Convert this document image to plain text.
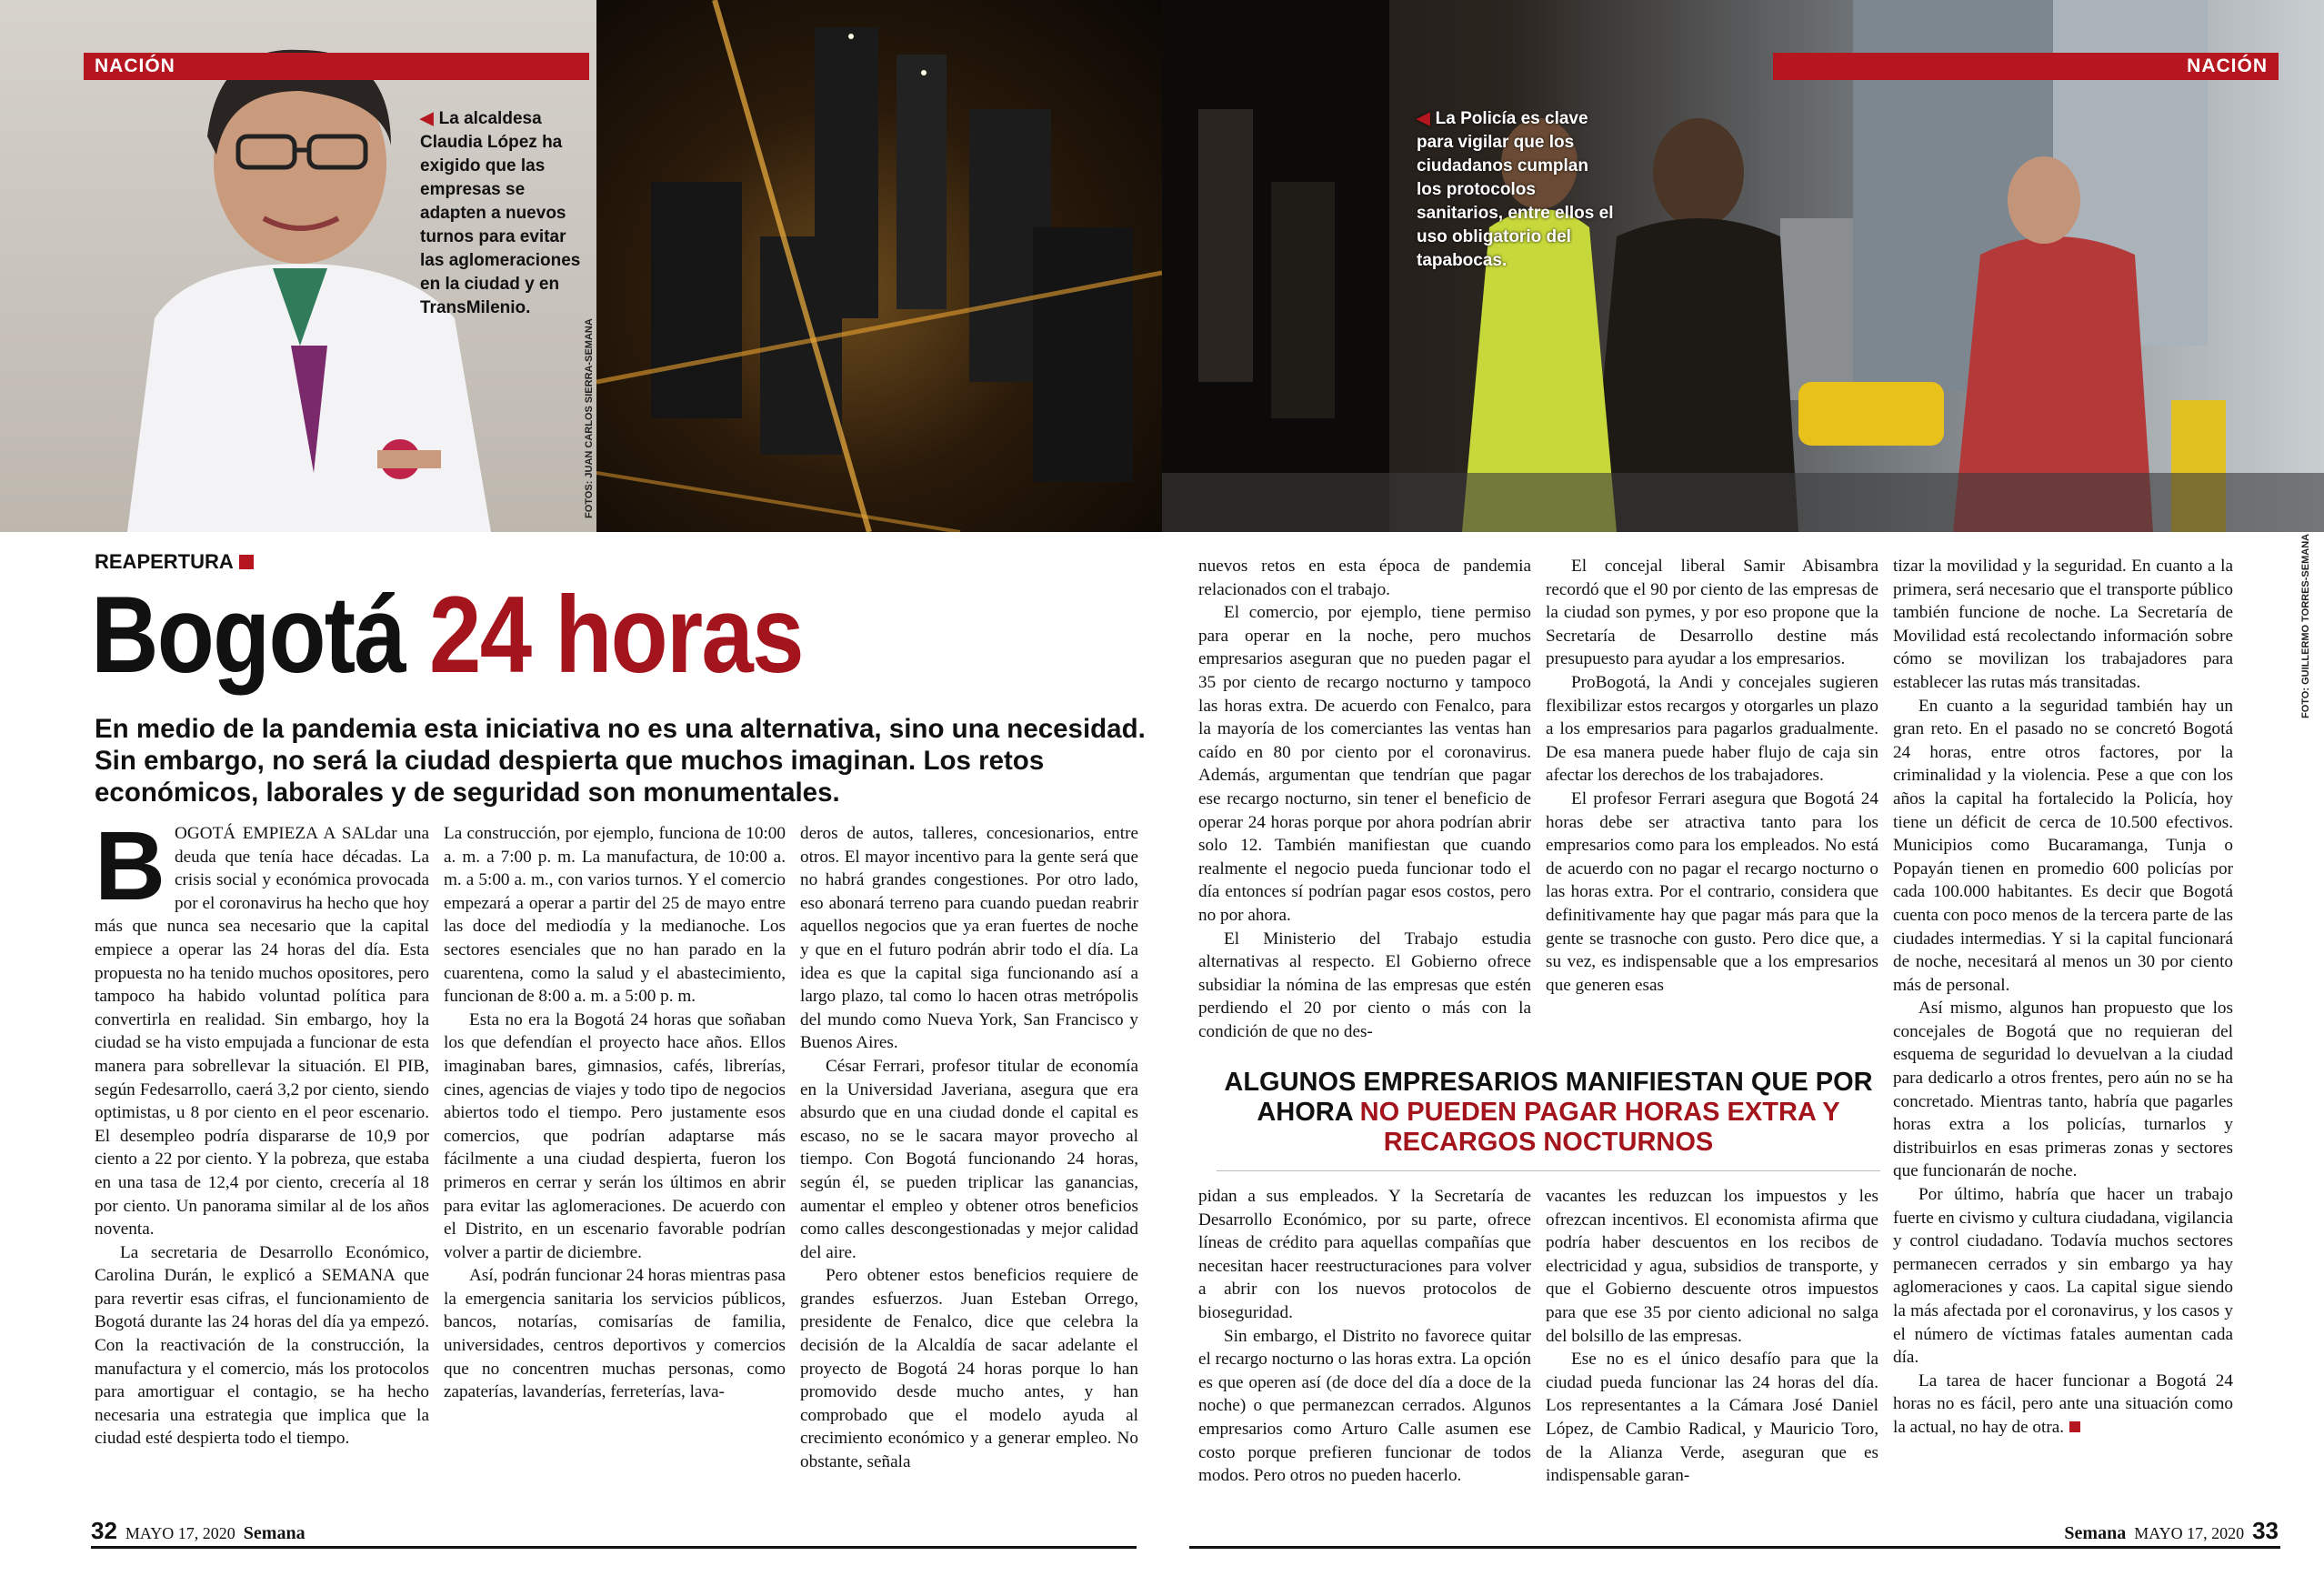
NACIÓN
◀ La alcaldesa Claudia López ha exigido que las empresas se adapten a nuevos turnos para evitar las aglomeraciones en la ciudad y en TransMilenio.
FOTOS: JUAN CARLOS SIERRA-SEMANA
REAPERTURA
Bogotá 24 horas
En medio de la pandemia esta iniciativa no es una alternativa, sino una necesidad. Sin embargo, no será la ciudad despierta que muchos imaginan. Los retos económicos, laborales y de seguridad son monumentales.

BOGOTÁ EMPIEZA A SALdar una deuda que tenía hace décadas. La crisis social y económica provocada por el coronavirus ha hecho que hoy más que nunca sea necesario que la capital empiece a operar las 24 horas del día. Esta propuesta no ha tenido muchos opositores, pero tampoco ha habido voluntad política para convertirla en realidad. Sin embargo, hoy la ciudad se ha visto empujada a funcionar de esta manera para sobrellevar la situación. El PIB, según Fedesarrollo, caerá 3,2 por ciento, siendo optimistas, u 8 por ciento en el peor escenario. El desempleo podría dispararse de 10,9 por ciento a 22 por ciento. Y la pobreza, que estaba en una tasa de 12,4 por ciento, crecería al 18 por ciento. Un panorama similar al de los años noventa.

La secretaria de Desarrollo Económico, Carolina Durán, le explicó a SEMANA que para revertir esas cifras, el funcionamiento de Bogotá durante las 24 horas del día ya empezó. Con la reactivación de la construcción, la manufactura y el comercio, más los protocolos para amortiguar el contagio, se ha hecho necesaria una estrategia que implica que la ciudad esté despierta todo el tiempo.

La construcción, por ejemplo, funciona de 10:00 a. m. a 7:00 p. m. La manufactura, de 10:00 a. m. a 5:00 a. m., con varios turnos. Y el comercio empezará a operar a partir del 25 de mayo entre las doce del mediodía y la medianoche. Los sectores esenciales que no han parado en la cuarentena, como la salud y el abastecimiento, funcionan de 8:00 a. m. a 5:00 p. m.

Esta no era la Bogotá 24 horas que soñaban los que defendían el proyecto hace años. Ellos imaginaban bares, gimnasios, cafés, librerías, cines, agencias de viajes y todo tipo de negocios abiertos todo el tiempo. Pero justamente esos comercios, que podrían adaptarse más fácilmente a una ciudad despierta, fueron los primeros en cerrar y serán los últimos en abrir para evitar las aglomeraciones. De acuerdo con el Distrito, en un escenario favorable podrían volver a partir de diciembre.

Así, podrán funcionar 24 horas mientras pasa la emergencia sanitaria los servicios públicos, bancos, notarías, comisarías de familia, universidades, centros deportivos y comercios que no concentren muchas personas, como zapaterías, lavanderías, ferreterías, lava-

deros de autos, talleres, concesionarios, entre otros. El mayor incentivo para la gente será que no habrá grandes congestiones. Por otro lado, eso abonará terreno para cuando puedan reabrir aquellos negocios que ya eran fuertes de noche y que en el futuro podrán abrir todo el día. La idea es que la capital siga funcionando así a largo plazo, tal como lo hacen otras metrópolis del mundo como Nueva York, San Francisco y Buenos Aires.

César Ferrari, profesor titular de economía en la Universidad Javeriana, asegura que era absurdo que en una ciudad donde el capital es escaso, no se le sacara mayor provecho al tiempo. Con Bogotá funcionando 24 horas, según él, se pueden triplicar las ganancias, aumentar el empleo y obtener otros beneficios como calles descongestionadas y mejor calidad del aire.

Pero obtener estos beneficios requiere de grandes esfuerzos. Juan Esteban Orrego, presidente de Fenalco, dice que celebra la decisión de la Alcaldía de sacar adelante el proyecto de Bogotá 24 horas porque lo han promovido desde mucho antes, y han comprobado que el modelo ayuda al crecimiento económico y a generar empleo. No obstante, señala

32 MAYO 17, 2020 Semana
NACIÓN
◀ La Policía es clave para vigilar que los ciudadanos cumplan los protocolos sanitarios, entre ellos el uso obligatorio del tapabocas.
FOTO: GUILLERMO TORRES-SEMANA

nuevos retos en esta época de pandemia relacionados con el trabajo.

El comercio, por ejemplo, tiene permiso para operar en la noche, pero muchos empresarios aseguran que no pueden pagar el 35 por ciento de recargo nocturno y tampoco las horas extra. De acuerdo con Fenalco, para la mayoría de los comerciantes las ventas han caído en 80 por ciento por el coronavirus. Además, argumentan que tendrían que pagar ese recargo nocturno, sin tener el beneficio de operar 24 horas porque por ahora podrían abrir solo 12. También manifiestan que cuando realmente el negocio pueda funcionar todo el día entonces sí podrían pagar esos costos, pero no por ahora.

El Ministerio del Trabajo estudia alternativas al respecto. El Gobierno ofrece subsidiar la nómina de las empresas que estén perdiendo el 20 por ciento o más con la condición de que no des-

El concejal liberal Samir Abisambra recordó que el 90 por ciento de las empresas de la ciudad son pymes, y por eso propone que la Secretaría de Desarrollo destine más presupuesto para ayudar a los empresarios.

ProBogotá, la Andi y concejales sugieren flexibilizar estos recargos y otorgarles un plazo a los empresarios para pagarlos gradualmente. De esa manera puede haber flujo de caja sin afectar los derechos de los trabajadores.

El profesor Ferrari asegura que Bogotá 24 horas debe ser atractiva tanto para los empresarios como para los empleados. No está de acuerdo con no pagar el recargo nocturno o las horas extra. Por el contrario, considera que definitivamente hay que pagar más para que la gente se trasnoche con gusto. Pero dice que, a su vez, es indispensable que a los empresarios que generen esas

tizar la movilidad y la seguridad. En cuanto a la primera, será necesario que el transporte público también funcione de noche. La Secretaría de Movilidad está recolectando información sobre cómo se movilizan los trabajadores para establecer las rutas más transitadas.

En cuanto a la seguridad también hay un gran reto. En el pasado no se concretó Bogotá 24 horas, entre otros factores, por la criminalidad y la violencia. Pese a que con los años la capital ha fortalecido la Policía, hoy tiene un déficit de cerca de 10.500 efectivos. Municipios como Bucaramanga, Tunja o Popayán tienen en promedio 600 policías por cada 100.000 habitantes. Es decir que Bogotá cuenta con poco menos de la tercera parte de las ciudades intermedias. Y si la capital funcionará de noche, necesitará al menos un 30 por ciento más de personal.

Así mismo, algunos han propuesto que los concejales de Bogotá que no requieran del esquema de seguridad lo devuelvan a la ciudad para dedicarlo a otros frentes, pero aún no se ha concretado. Mientras tanto, habría que pagarles horas extra a los policías, turnarlos y distribuirlos en esas primeras zonas y sectores que funcionarán de noche.

Por último, habría que hacer un trabajo fuerte en civismo y cultura ciudadana, vigilancia y control ciudadano. Todavía muchos sectores permanecen cerrados y sin embargo ya hay aglomeraciones y caos. La capital sigue siendo la más afectada por el coronavirus, y los casos y el número de víctimas fatales aumentan cada día.

La tarea de hacer funcionar a Bogotá 24 horas no es fácil, pero ante una situación como la actual, no hay de otra.

ALGUNOS EMPRESARIOS MANIFIESTAN QUE POR AHORA NO PUEDEN PAGAR HORAS EXTRA Y RECARGOS NOCTURNOS

pidan a sus empleados. Y la Secretaría de Desarrollo Económico, por su parte, ofrece líneas de crédito para aquellas compañías que necesitan hacer reestructuraciones para volver a abrir con los nuevos protocolos de bioseguridad.

Sin embargo, el Distrito no favorece quitar el recargo nocturno o las horas extra. La opción es que operen así (de doce del día a doce de la noche) o que permanezcan cerrados. Algunos empresarios como Arturo Calle asumen ese costo porque prefieren funcionar de todos modos. Pero otros no pueden hacerlo.

vacantes les reduzcan los impuestos y les ofrezcan incentivos. El economista afirma que podría haber descuentos en los recibos de electricidad y agua, subsidios de transporte, y que el Gobierno descuente otros impuestos para que ese 35 por ciento adicional no salga del bolsillo de las empresas.

Ese no es el único desafío para que la ciudad pueda funcionar las 24 horas del día. Los representantes a la Cámara José Daniel López, de Cambio Radical, y Mauricio Toro, de la Alianza Verde, aseguran que es indispensable garan-

Semana MAYO 17, 2020 33
